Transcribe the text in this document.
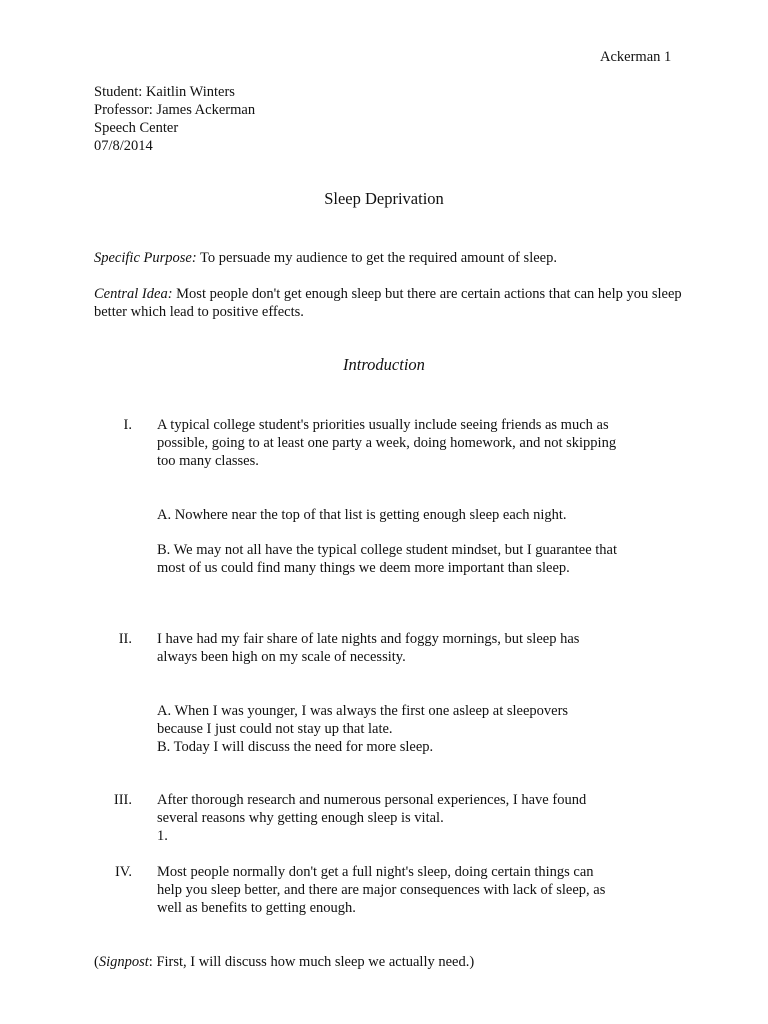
Ackerman 1
Student: Kaitlin Winters
Professor: James Ackerman
Speech Center
07/8/2014
Sleep Deprivation
Specific Purpose: To persuade my audience to get the required amount of sleep.
Central Idea: Most people don't get enough sleep but there are certain actions that can help you sleep better which lead to positive effects.
Introduction
I. A typical college student's priorities usually include seeing friends as much as possible, going to at least one party a week, doing homework, and not skipping too many classes.
A. Nowhere near the top of that list is getting enough sleep each night.
B. We may not all have the typical college student mindset, but I guarantee that most of us could find many things we deem more important than sleep.
II. I have had my fair share of late nights and foggy mornings, but sleep has always been high on my scale of necessity.
A. When I was younger, I was always the first one asleep at sleepovers because I just could not stay up that late.
B. Today I will discuss the need for more sleep.
III. After thorough research and numerous personal experiences, I have found several reasons why getting enough sleep is vital.
1.
IV. Most people normally don't get a full night's sleep, doing certain things can help you sleep better, and there are major consequences with lack of sleep, as well as benefits to getting enough.
(Signpost: First, I will discuss how much sleep we actually need.)
